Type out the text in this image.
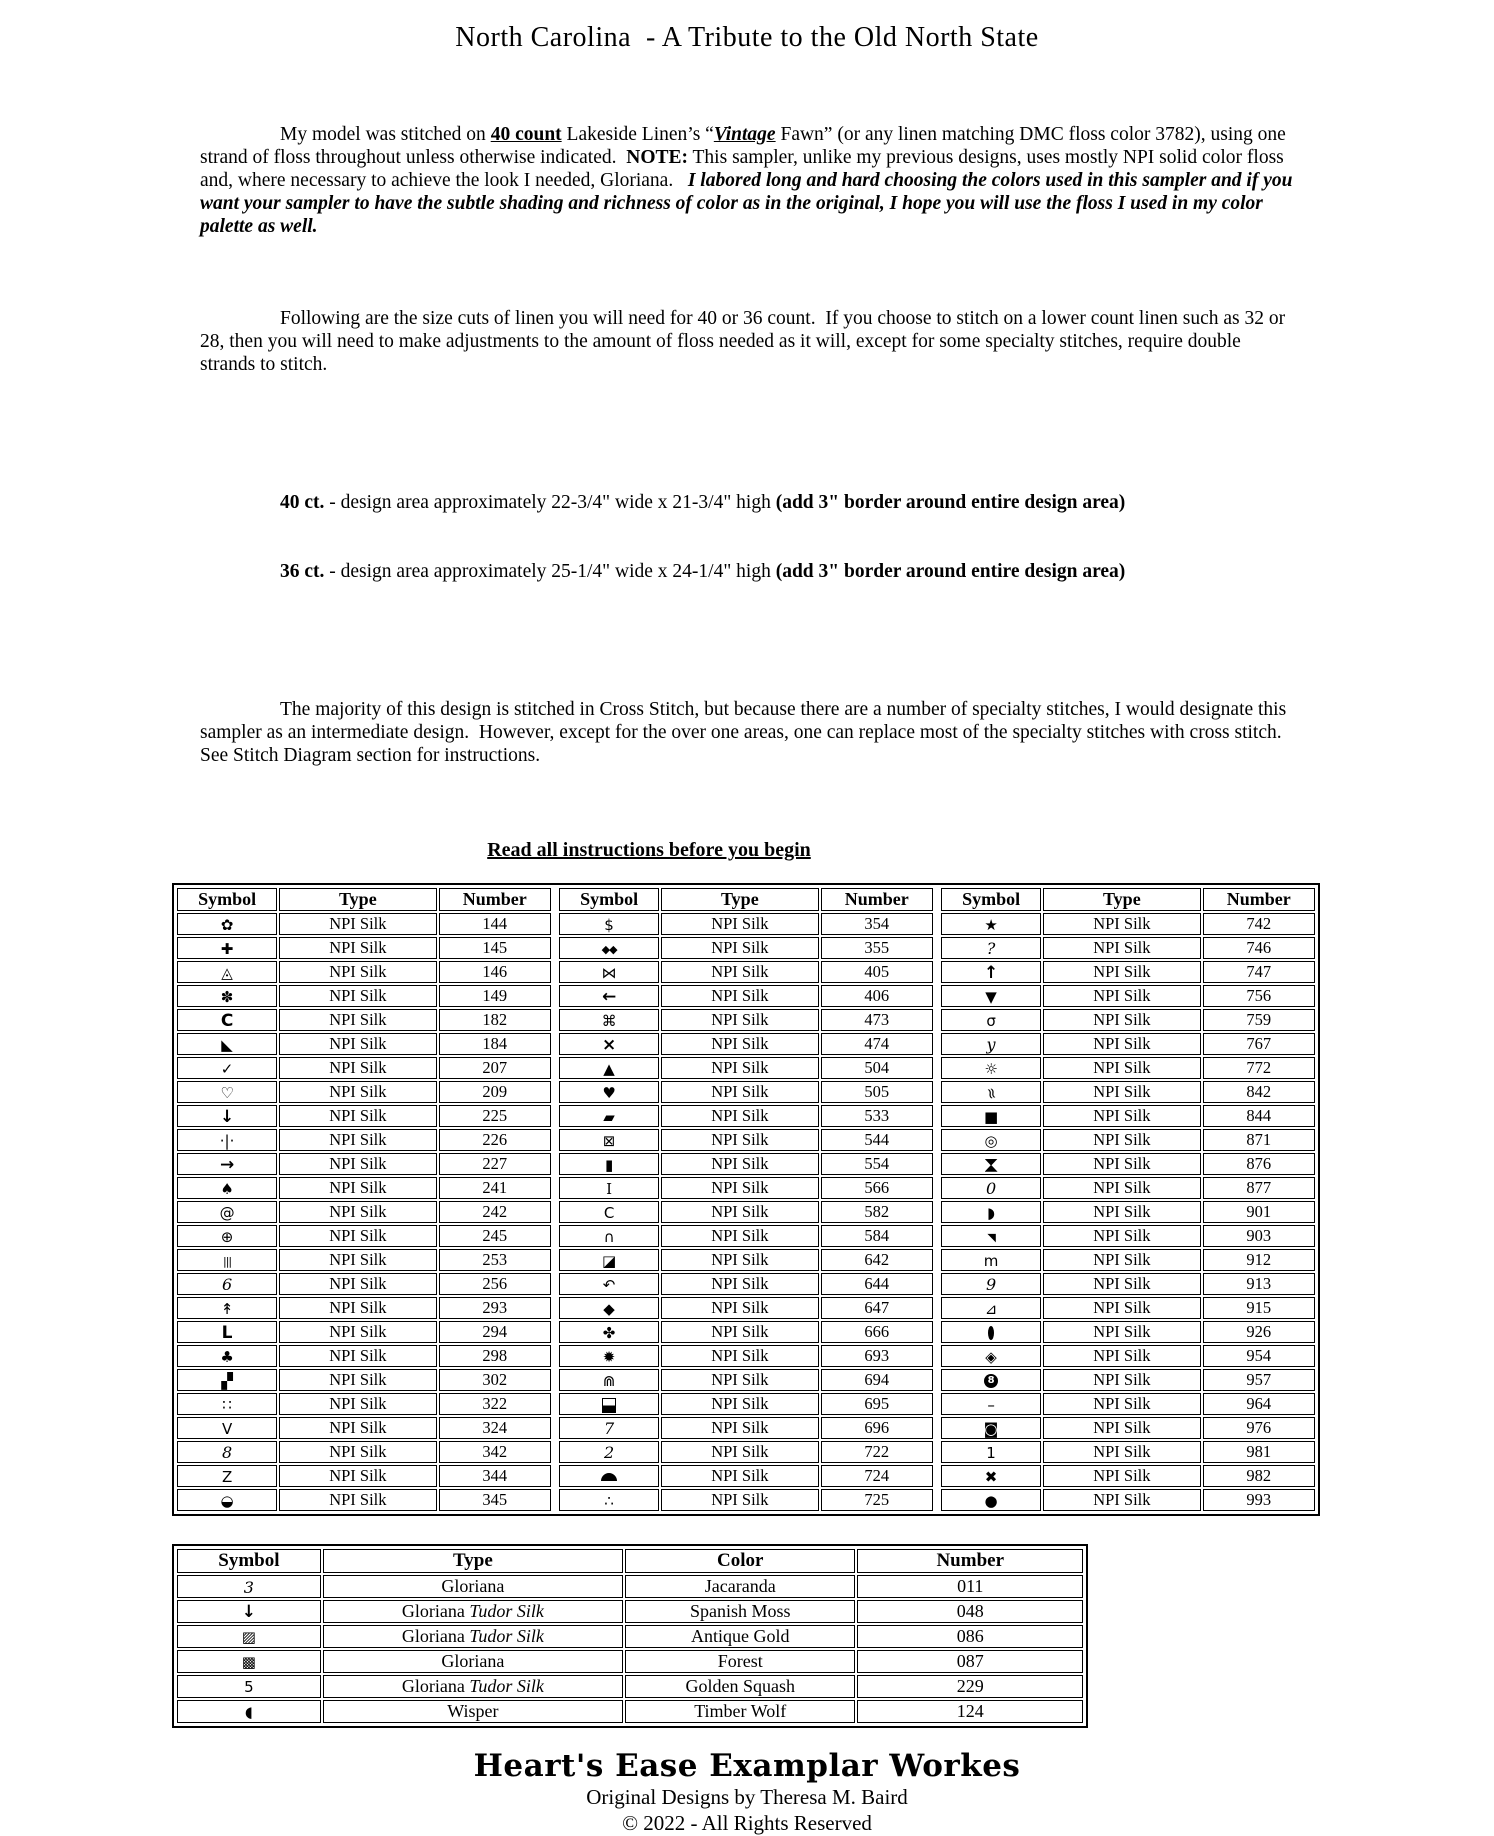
North Carolina  - A Tribute to the Old North State

My model was stitched on 40 count Lakeside Linen’s “Vintage Fawn” (or any linen matching DMC floss color 3782), using one strand of floss throughout unless otherwise indicated.  NOTE: This sampler, unlike my previous designs, uses mostly NPI solid color floss and, where necessary to achieve the look I needed, Gloriana.   I labored long and hard choosing the colors used in this sampler and if you want your sampler to have the subtle shading and richness of color as in the original, I hope you will use the floss I used in my color palette as well.

Following are the size cuts of linen you will need for 40 or 36 count.  If you choose to stitch on a lower count linen such as 32 or 28, then you will need to make adjustments to the amount of floss needed as it will, except for some specialty stitches, require double strands to stitch.

40 ct. - design area approximately 22-3/4" wide x 21-3/4" high (add 3" border around entire design area)

36 ct. - design area approximately 25-1/4" wide x 24-1/4" high (add 3" border around entire design area)

The majority of this design is stitched in Cross Stitch, but because there are a number of specialty stitches, I would designate this sampler as an intermediate design.  However, except for the over one areas, one can replace most of the specialty stitches with cross stitch.  See Stitch Diagram section for instructions.

Read all instructions before you begin
Symbol	Type	Number
✿	NPI Silk	144
✚	NPI Silk	145
◬	NPI Silk	146
✽	NPI Silk	149
C	NPI Silk	182
◣	NPI Silk	184
✓	NPI Silk	207
♡	NPI Silk	209
↓	NPI Silk	225
·|·	NPI Silk	226
→	NPI Silk	227
♠	NPI Silk	241
@	NPI Silk	242
⊕	NPI Silk	245
|||	NPI Silk	253
6	NPI Silk	256
↟	NPI Silk	293
L	NPI Silk	294
♣	NPI Silk	298
▞	NPI Silk	302
∷	NPI Silk	322
V	NPI Silk	324
8	NPI Silk	342
Z	NPI Silk	344
◒	NPI Silk	345
Symbol	Type	Number
$	NPI Silk	354
◆◆	NPI Silk	355
⋈	NPI Silk	405
←	NPI Silk	406
⌘	NPI Silk	473
×	NPI Silk	474
▲	NPI Silk	504
♥	NPI Silk	505
▰	NPI Silk	533
⊠	NPI Silk	544
▮	NPI Silk	554
I	NPI Silk	566
C	NPI Silk	582
∩	NPI Silk	584
◪	NPI Silk	642
↶	NPI Silk	644
◆	NPI Silk	647
✤	NPI Silk	666
✹	NPI Silk	693
⋒	NPI Silk	694
	NPI Silk	695
7	NPI Silk	696
2	NPI Silk	722
	NPI Silk	724
∴	NPI Silk	725
Symbol	Type	Number
★	NPI Silk	742
?	NPI Silk	746
↑	NPI Silk	747
▼	NPI Silk	756
σ	NPI Silk	759
y	NPI Silk	767
☼	NPI Silk	772
≈	NPI Silk	842
■	NPI Silk	844
◎	NPI Silk	871
	NPI Silk	876
0	NPI Silk	877
◗	NPI Silk	901
◥	NPI Silk	903
m	NPI Silk	912
9	NPI Silk	913
⊿	NPI Silk	915
	NPI Silk	926
◈	NPI Silk	954
8	NPI Silk	957
–	NPI Silk	964
◙	NPI Silk	976
1	NPI Silk	981
✖	NPI Silk	982
●	NPI Silk	993
Symbol	Type	Color	Number
3	Gloriana	Jacaranda	011
↓	Gloriana Tudor Silk	Spanish Moss	048
▨	Gloriana Tudor Silk	Antique Gold	086
▩	Gloriana	Forest	087
5	Gloriana Tudor Silk	Golden Squash	229
◖	Wisper	Timber Wolf	124
Heart's Ease Examplar Workes
Original Designs by Theresa M. Baird
© 2022 - All Rights Reserved
